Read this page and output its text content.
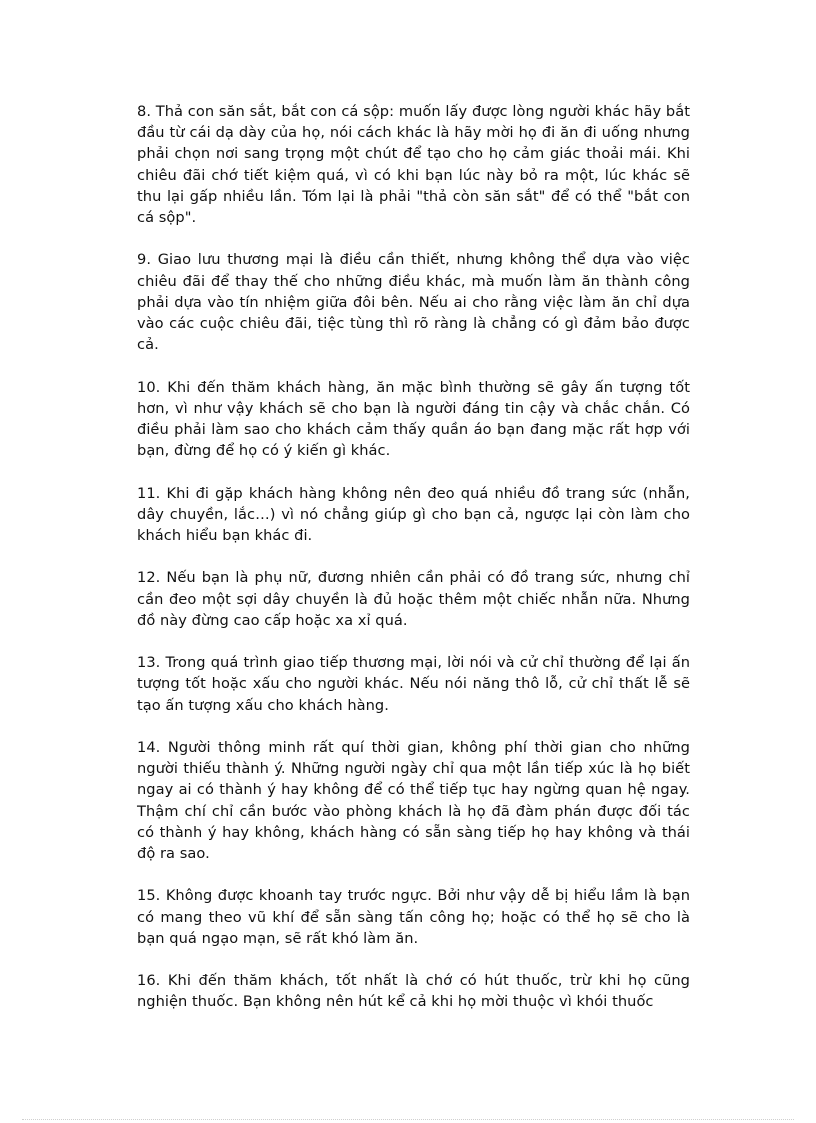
8. Thả con săn sắt, bắt con cá sộp: muốn lấy được lòng người khác hãy bắt đầu từ cái dạ dày của họ, nói cách khác là hãy mời họ đi ăn đi uống nhưng phải chọn nơi sang trọng một chút để tạo cho họ cảm giác thoải mái. Khi chiêu đãi chớ tiết kiệm quá, vì có khi bạn lúc này bỏ ra một, lúc khác sẽ thu lại gấp nhiều lần. Tóm lại là phải "thả còn săn sắt" để có thể "bắt con cá sộp".

9. Giao lưu thương mại là điều cần thiết, nhưng không thể dựa vào việc chiêu đãi để thay thế cho những điều khác, mà muốn làm ăn thành công phải dựa vào tín nhiệm giữa đôi bên. Nếu ai cho rằng việc làm ăn chỉ dựa vào các cuộc chiêu đãi, tiệc tùng thì rõ ràng là chẳng có gì đảm bảo được cả.

10. Khi đến thăm khách hàng, ăn mặc bình thường sẽ gây ấn tượng tốt hơn, vì như vậy khách sẽ cho bạn là người đáng tin cậy và chắc chắn. Có điều phải làm sao cho khách cảm thấy quần áo bạn đang mặc rất hợp với bạn, đừng để họ có ý kiến gì khác.

11. Khi đi gặp khách hàng không nên đeo quá nhiều đồ trang sức (nhẫn, dây chuyền, lắc…) vì nó chẳng giúp gì cho bạn cả, ngược lại còn làm cho khách hiểu bạn khác đi.

12. Nếu bạn là phụ nữ, đương nhiên cần phải có đồ trang sức, nhưng chỉ cần đeo một sợi dây chuyền là đủ hoặc thêm một chiếc nhẫn nữa. Nhưng đồ này đừng cao cấp hoặc xa xỉ quá.

13. Trong quá trình giao tiếp thương mại, lời nói và cử chỉ thường để lại ấn tượng tốt hoặc xấu cho người khác. Nếu nói năng thô lỗ, cử chỉ thất lễ sẽ tạo ấn tượng xấu cho khách hàng.

14. Người thông minh rất quí thời gian, không phí thời gian cho những người thiếu thành ý. Những người ngày chỉ qua một lần tiếp xúc là họ biết ngay ai có thành ý hay không để có thể tiếp tục hay ngừng quan hệ ngay. Thậm chí chỉ cần bước vào phòng khách là họ đã đàm phán được đối tác có thành ý hay không, khách hàng có sẵn sàng tiếp họ hay không và thái độ ra sao.

15. Không được khoanh tay trước ngực. Bởi như vậy dễ bị hiểu lầm là bạn có mang theo vũ khí để sẵn sàng tấn công họ; hoặc có thể họ sẽ cho là bạn quá ngạo mạn, sẽ rất khó làm ăn.

16. Khi đến thăm khách, tốt nhất là chớ có hút thuốc, trừ khi họ cũng nghiện thuốc. Bạn không nên hút kể cả khi họ mời thuộc vì khói thuốc
